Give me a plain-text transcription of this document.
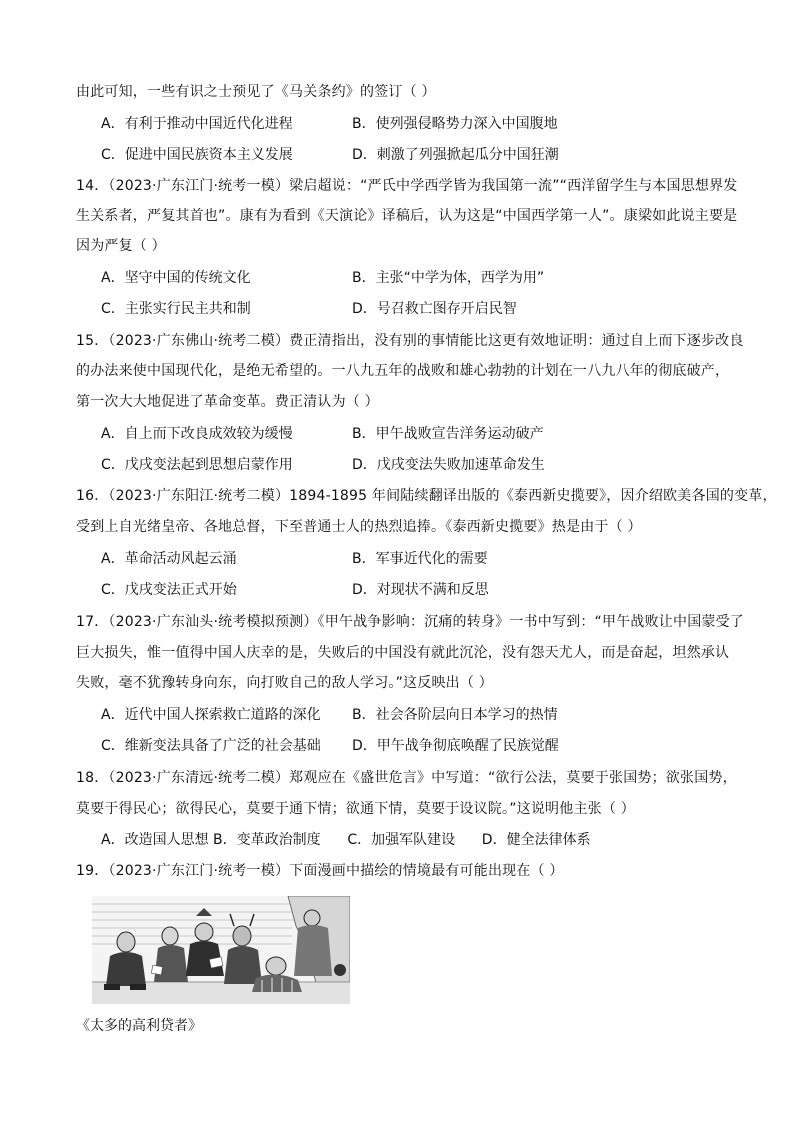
由此可知，一些有识之士预见了《马关条约》的签订（ ）
A．有利于推动中国近代化进程	B．使列强侵略势力深入中国腹地
C．促进中国民族资本主义发展	D．刺激了列强掀起瓜分中国狂潮
14．（2023·广东江门·统考一模）梁启超说：“严氏中学西学皆为我国第一流”“西洋留学生与本国思想界发
生关系者，严复其首也”。康有为看到《天演论》译稿后，认为这是“中国西学第一人”。康梁如此说主要是
因为严复（ ）
A．坚守中国的传统文化	B．主张“中学为体，西学为用”
C．主张实行民主共和制	D．号召救亡图存开启民智
15．（2023·广东佛山·统考二模）费正清指出，没有别的事情能比这更有效地证明：通过自上而下逐步改良
的办法来使中国现代化，是绝无希望的。一八九五年的战败和雄心勃勃的计划在一八九八年的彻底破产，
第一次大大地促进了革命变革。费正清认为（ ）
A．自上而下改良成效较为缓慢	B．甲午战败宣告洋务运动破产
C．戊戌变法起到思想启蒙作用	D．戊戌变法失败加速革命发生
16．（2023·广东阳江·统考二模）1894-1895 年间陆续翻译出版的《泰西新史揽要》，因介绍欧美各国的变革，
受到上自光绪皇帝、各地总督，下至普通士人的热烈追捧。《泰西新史揽要》热是由于（ ）
A．革命活动风起云涌	B．军事近代化的需要
C．戊戌变法正式开始	D．对现状不满和反思
17．（2023·广东汕头·统考模拟预测）《甲午战争影响：沉痛的转身》一书中写到：“甲午战败让中国蒙受了
巨大损失，惟一值得中国人庆幸的是，失败后的中国没有就此沉沦，没有怨天尤人，而是奋起，坦然承认
失败，毫不犹豫转身向东，向打败自己的敌人学习。”这反映出（ ）
A．近代中国人探索救亡道路的深化 B．社会各阶层向日本学习的热情
C．维新变法具备了广泛的社会基础 D．甲午战争彻底唤醒了民族觉醒
18．（2023·广东清远·统考二模）郑观应在《盛世危言》中写道：“欲行公法，莫要于张国势；欲张国势，
莫要于得民心；欲得民心，莫要于通下情；欲通下情，莫要于设议院。”这说明他主张（ ）
A．改造国人思想 B．变革政治制度      C．加强军队建设      D．健全法律体系
19．（2023·广东江门·统考一模）下面漫画中描绘的情境最有可能出现在（ ）
《太多的高利贷者》
